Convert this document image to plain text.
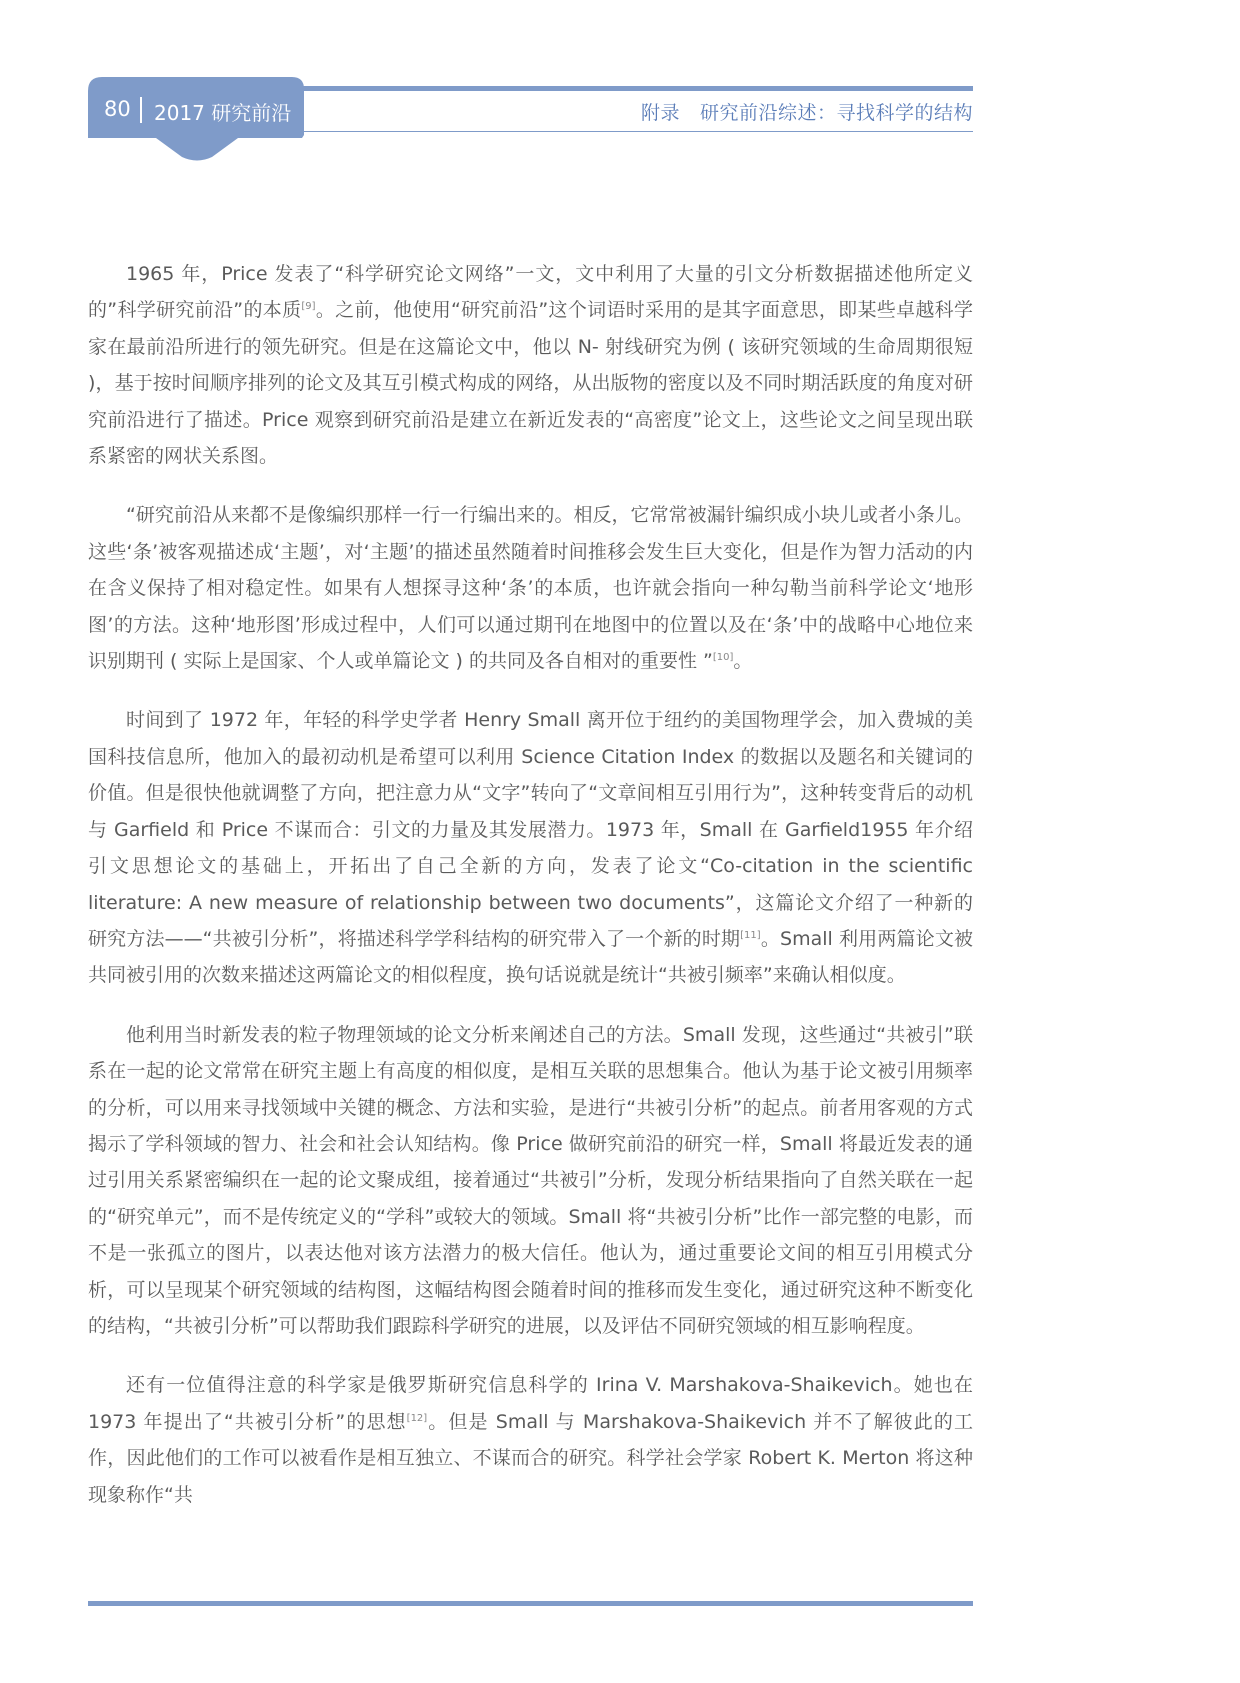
80 2017 研究前沿	附录 研究前沿综述：寻找科学的结构

1965 年，Price 发表了“科学研究论文网络”一文，文中利用了大量的引文分析数据描述他所定义的”科学研究前沿”的本质[9]。之前，他使用“研究前沿”这个词语时采用的是其字面意思，即某些卓越科学家在最前沿所进行的领先研究。但是在这篇论文中，他以 N- 射线研究为例 ( 该研究领域的生命周期很短 )，基于按时间顺序排列的论文及其互引模式构成的网络，从出版物的密度以及不同时期活跃度的角度对研究前沿进行了描述。Price 观察到研究前沿是建立在新近发表的“高密度”论文上，这些论文之间呈现出联系紧密的网状关系图。

“研究前沿从来都不是像编织那样一行一行编出来的。相反，它常常被漏针编织成小块儿或者小条儿。这些‘条’被客观描述成‘主题’，对‘主题’的描述虽然随着时间推移会发生巨大变化，但是作为智力活动的内在含义保持了相对稳定性。如果有人想探寻这种‘条’的本质，也许就会指向一种勾勒当前科学论文‘地形图’的方法。这种‘地形图’形成过程中，人们可以通过期刊在地图中的位置以及在‘条’中的战略中心地位来识别期刊 ( 实际上是国家、个人或单篇论文 ) 的共同及各自相对的重要性 ”[10]。

时间到了 1972 年，年轻的科学史学者 Henry Small 离开位于纽约的美国物理学会，加入费城的美国科技信息所，他加入的最初动机是希望可以利用 Science Citation Index 的数据以及题名和关键词的价值。但是很快他就调整了方向，把注意力从“文字”转向了“文章间相互引用行为”，这种转变背后的动机与 Garfield 和 Price 不谋而合：引文的力量及其发展潜力。1973 年，Small 在 Garfield1955 年介绍引文思想论文的基础上，开拓出了自己全新的方向，发表了论文“Co-citation in the scientific literature: A new measure of relationship between two documents”，这篇论文介绍了一种新的研究方法——“共被引分析”，将描述科学学科结构的研究带入了一个新的时期[11]。Small 利用两篇论文被共同被引用的次数来描述这两篇论文的相似程度，换句话说就是统计“共被引频率”来确认相似度。

他利用当时新发表的粒子物理领域的论文分析来阐述自己的方法。Small 发现，这些通过“共被引”联系在一起的论文常常在研究主题上有高度的相似度，是相互关联的思想集合。他认为基于论文被引用频率的分析，可以用来寻找领域中关键的概念、方法和实验，是进行“共被引分析”的起点。前者用客观的方式揭示了学科领域的智力、社会和社会认知结构。像 Price 做研究前沿的研究一样，Small 将最近发表的通过引用关系紧密编织在一起的论文聚成组，接着通过“共被引”分析，发现分析结果指向了自然关联在一起的“研究单元”，而不是传统定义的“学科”或较大的领域。Small 将“共被引分析”比作一部完整的电影，而不是一张孤立的图片，以表达他对该方法潜力的极大信任。他认为，通过重要论文间的相互引用模式分析，可以呈现某个研究领域的结构图，这幅结构图会随着时间的推移而发生变化，通过研究这种不断变化的结构，“共被引分析”可以帮助我们跟踪科学研究的进展，以及评估不同研究领域的相互影响程度。

还有一位值得注意的科学家是俄罗斯研究信息科学的 Irina V. Marshakova-Shaikevich。她也在 1973 年提出了“共被引分析”的思想[12]。但是 Small 与 Marshakova-Shaikevich 并不了解彼此的工作，因此他们的工作可以被看作是相互独立、不谋而合的研究。科学社会学家 Robert K. Merton 将这种现象称作“共
